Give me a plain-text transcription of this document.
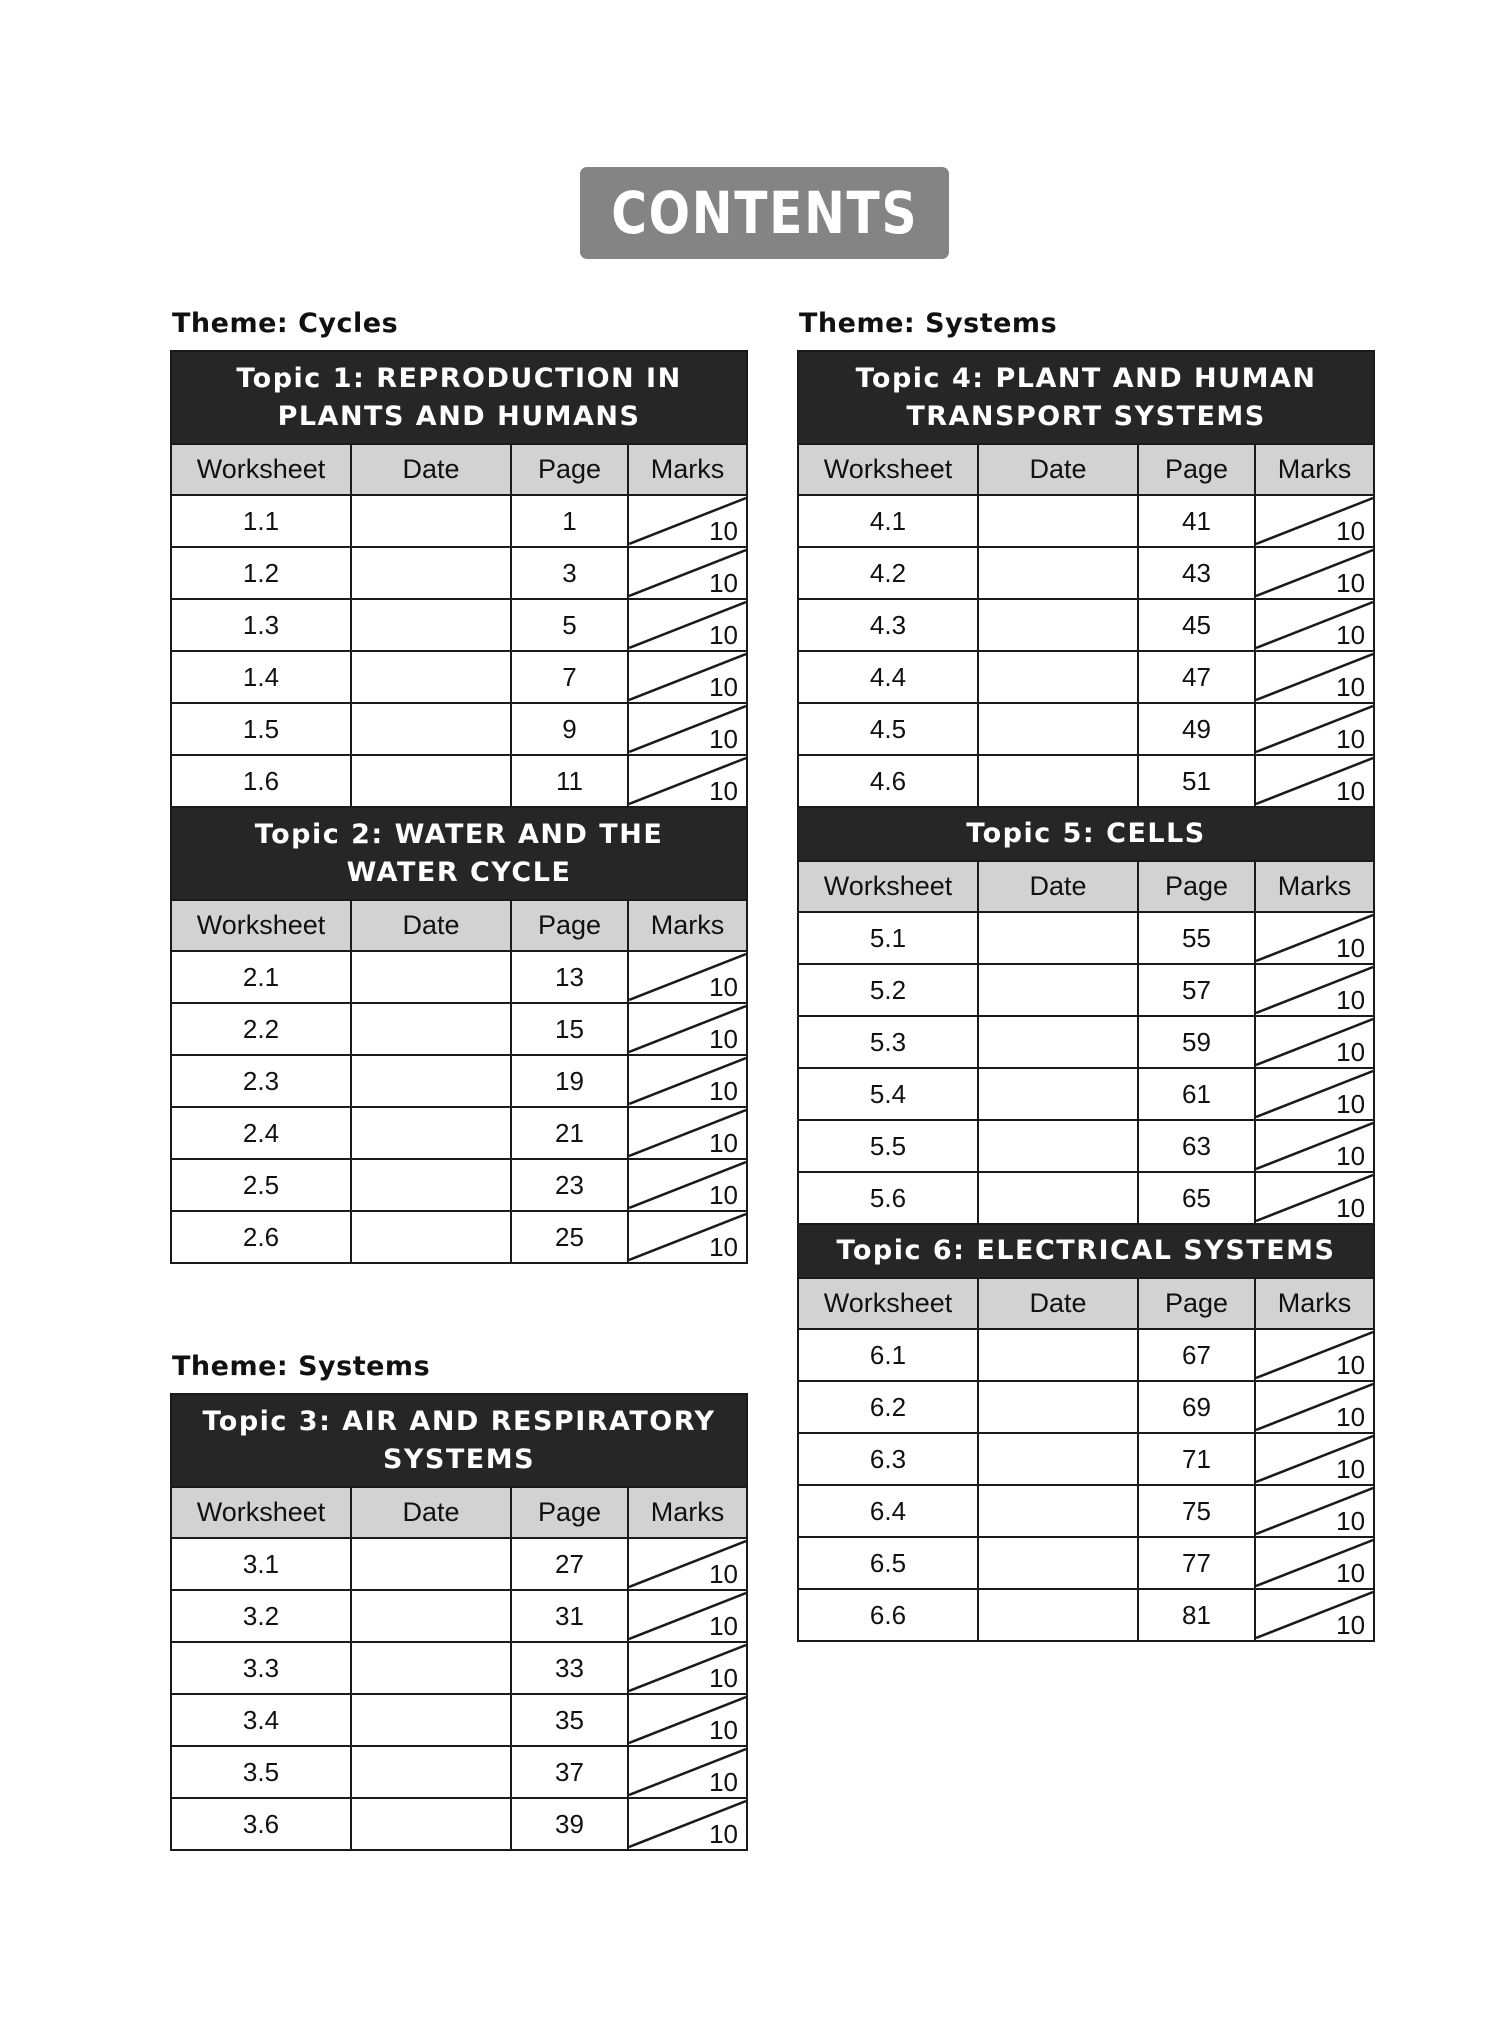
CONTENTS
Theme: Cycles
Topic 1: REPRODUCTION IN
PLANTS AND HUMANS			

Worksheet	Date	Page	Marks
1.1		1	10

1.2		3	10

1.3		5	10

1.4		7	10

1.5		9	10

1.6		11	10

Topic 2: WATER AND THE
WATER CYCLE			

Worksheet	Date	Page	Marks
2.1		13	10

2.2		15	10

2.3		19	10

2.4		21	10

2.5		23	10

2.6		25	10
Theme: Systems
Topic 3: AIR AND RESPIRATORY
SYSTEMS			

Worksheet	Date	Page	Marks
3.1		27	10

3.2		31	10

3.3		33	10

3.4		35	10

3.5		37	10

3.6		39	10
Theme: Systems
Topic 4: PLANT AND HUMAN
TRANSPORT SYSTEMS			

Worksheet	Date	Page	Marks
4.1		41	10

4.2		43	10

4.3		45	10

4.4		47	10

4.5		49	10

4.6		51	10

Topic 5: CELLS			

Worksheet	Date	Page	Marks
5.1		55	10

5.2		57	10

5.3		59	10

5.4		61	10

5.5		63	10

5.6		65	10

Topic 6: ELECTRICAL SYSTEMS			

Worksheet	Date	Page	Marks
6.1		67	10

6.2		69	10

6.3		71	10

6.4		75	10

6.5		77	10

6.6		81	10
